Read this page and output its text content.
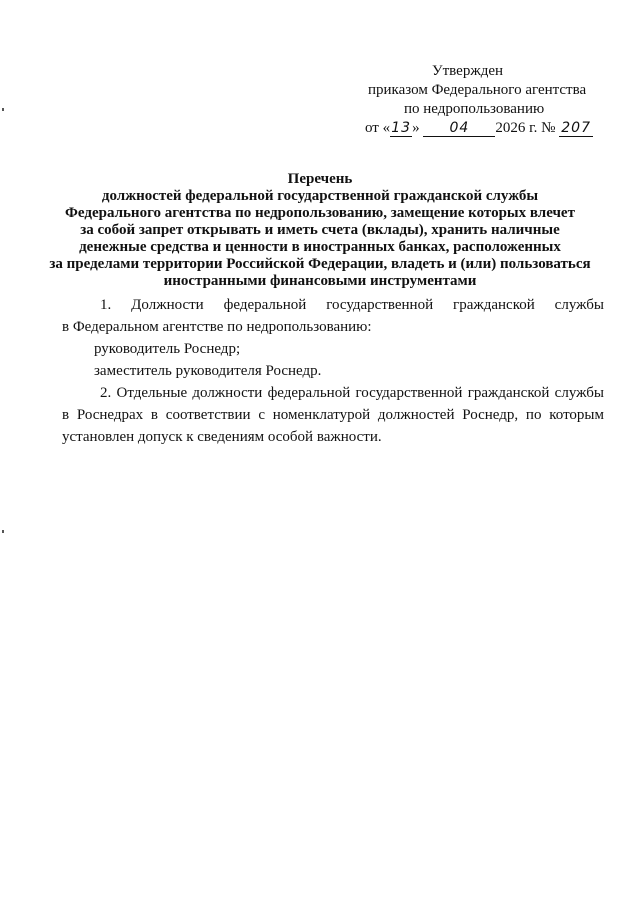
Утвержден
приказом Федерального агентства
по недропользованию
от «13» 04 2026 г. № 207
Перечень
должностей федеральной государственной гражданской службы
Федерального агентства по недропользованию, замещение которых влечет
за собой запрет открывать и иметь счета (вклады), хранить наличные
денежные средства и ценности в иностранных банках, расположенных
за пределами территории Российской Федерации, владеть и (или) пользоваться
иностранными финансовыми инструментами

1. Должности федеральной государственной гражданской службы

в Федеральном агентстве по недропользованию:

руководитель Роснедр;

заместитель руководителя Роснедр.

2. Отдельные должности федеральной государственной гражданской службы в Роснедрах в соответствии с номенклатурой должностей Роснедр, по которым установлен допуск к сведениям особой важности.
